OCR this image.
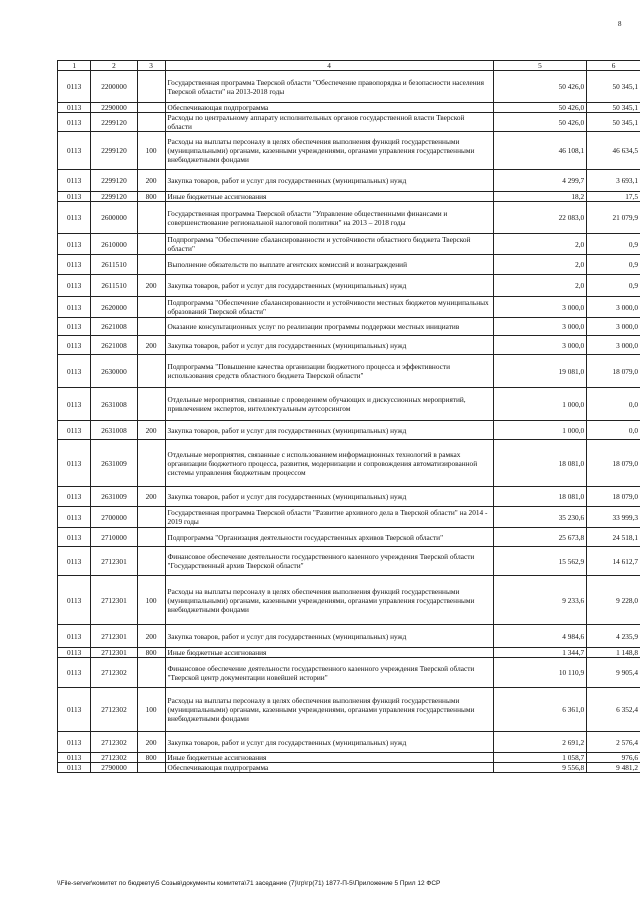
8
1	2	3	4	5	6
0113	2200000		Государственная программа Тверской области "Обеспечение правопорядка и безопасности населения Тверской области" на 2013-2018 годы	50 426,0	50 345,1
0113	2290000		Обеспечивающая подпрограмма	50 426,0	50 345,1
0113	2299120		Расходы по центральному аппарату исполнительных органов государственной власти Тверской области	50 426,0	50 345,1
0113	2299120	100	Расходы на выплаты персоналу в целях обеспечения выполнения функций государственными (муниципальными) органами, казенными учреждениями, органами управления государственными внебюджетными фондами	46 108,1	46 634,5
0113	2299120	200	Закупка товаров, работ и услуг для государственных (муниципальных) нужд	4 299,7	3 693,1
0113	2299120	800	Иные бюджетные ассигнования	18,2	17,5
0113	2600000		Государственная программа Тверской области "Управление общественными финансами и совершенствование региональной налоговой политики" на 2013 – 2018 годы	22 083,0	21 079,9
0113	2610000		Подпрограмма "Обеспечение сбалансированности и устойчивости областного бюджета Тверской области"	2,0	0,9
0113	2611510		Выполнение обязательств по выплате агентских комиссий и вознаграждений	2,0	0,9
0113	2611510	200	Закупка товаров, работ и услуг для государственных (муниципальных) нужд	2,0	0,9
0113	2620000		Подпрограмма "Обеспечение сбалансированности и устойчивости местных бюджетов муниципальных образований Тверской области"	3 000,0	3 000,0
0113	2621008		Оказание консультационных услуг по реализации программы поддержки местных инициатив	3 000,0	3 000,0
0113	2621008	200	Закупка товаров, работ и услуг для государственных (муниципальных) нужд	3 000,0	3 000,0
0113	2630000		Подпрограмма "Повышение качества организации бюджетного процесса и эффективности использования средств областного бюджета Тверской области"	19 081,0	18 079,0
0113	2631008		Отдельные мероприятия, связанные с проведением обучающих и дискуссионных мероприятий, привлечением экспертов, интеллектуальным аутсорсингом	1 000,0	0,0
0113	2631008	200	Закупка товаров, работ и услуг для государственных (муниципальных) нужд	1 000,0	0,0
0113	2631009		Отдельные мероприятия, связанные с использованием информационных технологий в рамках организации бюджетного процесса, развития, модернизации и сопровождения автоматизированной системы управления бюджетным процессом	18 081,0	18 079,0
0113	2631009	200	Закупка товаров, работ и услуг для государственных (муниципальных) нужд	18 081,0	18 079,0
0113	2700000		Государственная программа Тверской области "Развитие архивного дела в Тверской области" на 2014 - 2019 годы	35 230,6	33 999,3
0113	2710000		Подпрограмма "Организация деятельности государственных архивов Тверской области"	25 673,8	24 518,1
0113	2712301		Финансовое обеспечение деятельности государственного казенного учреждения Тверской области "Государственный архив Тверской области"	15 562,9	14 612,7
0113	2712301	100	Расходы на выплаты персоналу в целях обеспечения выполнения функций государственными (муниципальными) органами, казенными учреждениями, органами управления государственными внебюджетными фондами	9 233,6	9 228,0
0113	2712301	200	Закупка товаров, работ и услуг для государственных (муниципальных) нужд	4 984,6	4 235,9
0113	2712301	800	Иные бюджетные ассигнования	1 344,7	1 148,8
0113	2712302		Финансовое обеспечение деятельности государственного казенного учреждения Тверской области "Тверской центр документации новейшей истории"	10 110,9	9 905,4
0113	2712302	100	Расходы на выплаты персоналу в целях обеспечения выполнения функций государственными (муниципальными) органами, казенными учреждениями, органами управления государственными внебюджетными фондами	6 361,0	6 352,4
0113	2712302	200	Закупка товаров, работ и услуг для государственных (муниципальных) нужд	2 691,2	2 576,4
0113	2712302	800	Иные бюджетные ассигнования	1 058,7	976,6
0113	2790000		Обеспечивающая подпрограмма	9 556,8	9 481,2
\\File-server\комитет по бюджету\5 Созыв\документы комитета\71 заседание (7)\гр\гр(71) 1877-П-5\Приложение 5 Прил 12 ФСР
